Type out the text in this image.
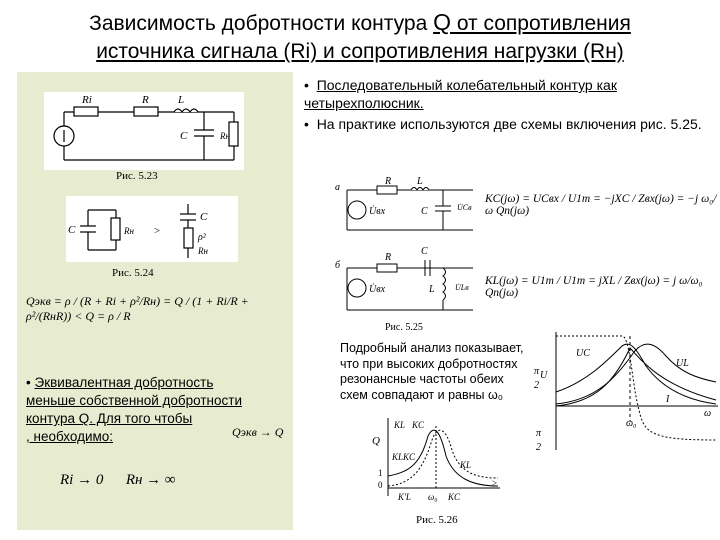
Зависимость добротности контура Q от сопротивления
источника сигнала (Ri) и сопротивления нагрузки (Rн)
Ri	R	L
C	Rн
Рис. 5.23
C	Rн >
C
ρ²
Rн
Рис. 5.24
Qэкв = ρ / (R + Ri + ρ²/Rн) = Q / (1 + Ri/R + ρ²/(RнR)) < Q = ρ / R
• Эквивалентная добротность
меньше собственной добротности
контура Q. Для того чтобы
, необходимо:	Qэкв → Q
Ri → 0      Rн → ∞

• Последовательный колебательный контур как четырехполюсник.

• На практике используются две схемы включения рис. 5.25.

a
R	L
U̇вх	C	U̇Cв
б
R
C
U̇вх	L	U̇Lв
Рис. 5.25
KC(jω) = UCвх / U1m = −jXC / Zвх(jω) = −j ω₀/ω Qn(jω)
KL(jω) = U1m / U1m = jXL / Zвх(jω) = j ω/ω₀ Qn(jω)
Подробный анализ показывает, что при высоких добротностях резонансные частоты обеих схем совпадают и равны ω₀
UC
UL
I
U
ω
ω₀
π
2
π
2
KL KC
Q
KLKC
KL
1
0	>
K'L ω₀ KC
Рис. 5.26
